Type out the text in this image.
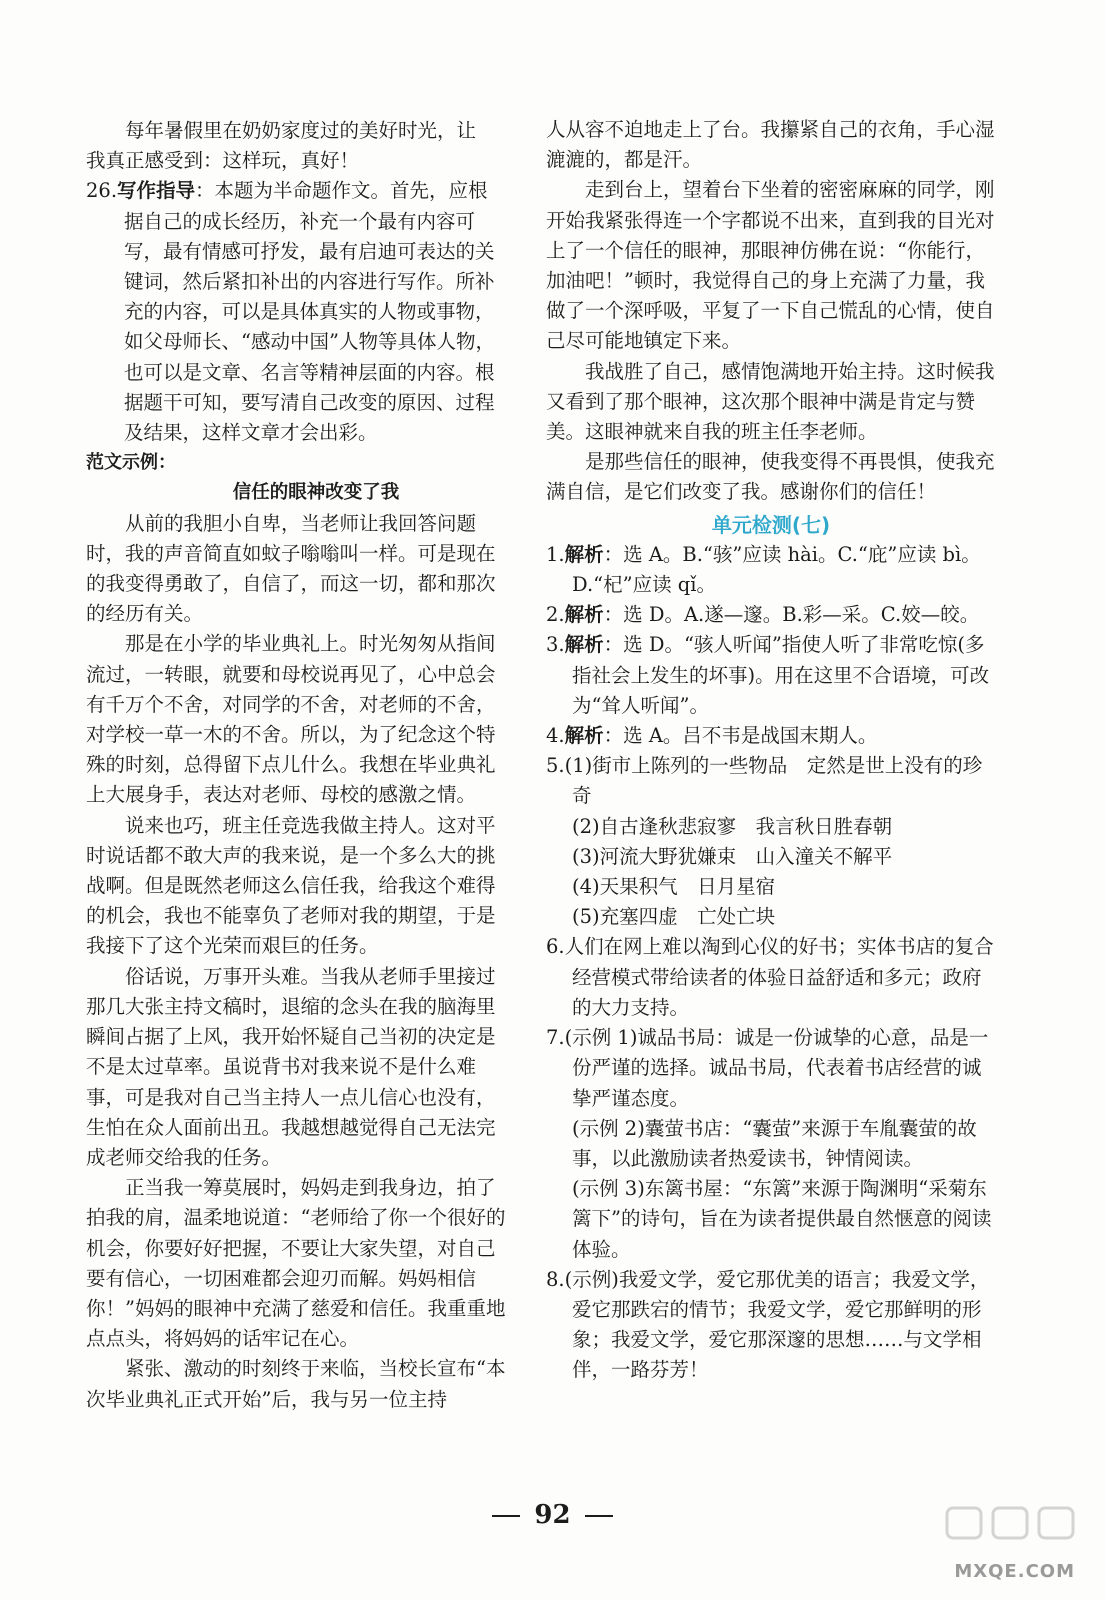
每年暑假里在奶奶家度过的美好时光，让

我真正感受到：这样玩，真好！

26.写作指导：本题为半命题作文。首先，应根据自己的成长经历，补充一个最有内容可写，最有情感可抒发，最有启迪可表达的关键词，然后紧扣补出的内容进行写作。所补充的内容，可以是具体真实的人物或事物，如父母师长、“感动中国”人物等具体人物，也可以是文章、名言等精神层面的内容。根据题干可知，要写清自己改变的原因、过程及结果，这样文章才会出彩。

范文示例：

信任的眼神改变了我

从前的我胆小自卑，当老师让我回答问题时，我的声音简直如蚊子嗡嗡叫一样。可是现在的我变得勇敢了，自信了，而这一切，都和那次的经历有关。

那是在小学的毕业典礼上。时光匆匆从指间流过，一转眼，就要和母校说再见了，心中总会有千万个不舍，对同学的不舍，对老师的不舍，对学校一草一木的不舍。所以，为了纪念这个特殊的时刻，总得留下点儿什么。我想在毕业典礼上大展身手，表达对老师、母校的感激之情。

说来也巧，班主任竞选我做主持人。这对平时说话都不敢大声的我来说，是一个多么大的挑战啊。但是既然老师这么信任我，给我这个难得的机会，我也不能辜负了老师对我的期望，于是我接下了这个光荣而艰巨的任务。

俗话说，万事开头难。当我从老师手里接过那几大张主持文稿时，退缩的念头在我的脑海里瞬间占据了上风，我开始怀疑自己当初的决定是不是太过草率。虽说背书对我来说不是什么难事，可是我对自己当主持人一点儿信心也没有，生怕在众人面前出丑。我越想越觉得自己无法完成老师交给我的任务。

正当我一筹莫展时，妈妈走到我身边，拍了拍我的肩，温柔地说道：“老师给了你一个很好的机会，你要好好把握，不要让大家失望，对自己要有信心，一切困难都会迎刃而解。妈妈相信你！”妈妈的眼神中充满了慈爱和信任。我重重地点点头，将妈妈的话牢记在心。

紧张、激动的时刻终于来临，当校长宣布“本次毕业典礼正式开始”后，我与另一位主持

人从容不迫地走上了台。我攥紧自己的衣角，手心湿漉漉的，都是汗。

走到台上，望着台下坐着的密密麻麻的同学，刚开始我紧张得连一个字都说不出来，直到我的目光对上了一个信任的眼神，那眼神仿佛在说：“你能行，加油吧！”顿时，我觉得自己的身上充满了力量，我做了一个深呼吸，平复了一下自己慌乱的心情，使自己尽可能地镇定下来。

我战胜了自己，感情饱满地开始主持。这时候我又看到了那个眼神，这次那个眼神中满是肯定与赞美。这眼神就来自我的班主任李老师。

是那些信任的眼神，使我变得不再畏惧，使我充满自信，是它们改变了我。感谢你们的信任！

单元检测(七)

1.解析：选 A。B.“骇”应读 hài。C.“庇”应读 bì。D.“杞”应读 qǐ。

2.解析：选 D。A.遂—邃。B.彩—采。C.姣—皎。

3.解析：选 D。“骇人听闻”指使人听了非常吃惊(多指社会上发生的坏事)。用在这里不合语境，可改为“耸人听闻”。

4.解析：选 A。吕不韦是战国末期人。

5.(1)街市上陈列的一些物品　定然是世上没有的珍奇

(2)自古逢秋悲寂寥　我言秋日胜春朝

(3)河流大野犹嫌束　山入潼关不解平

(4)天果积气　日月星宿

(5)充塞四虚　亡处亡块

6.人们在网上难以淘到心仪的好书；实体书店的复合经营模式带给读者的体验日益舒适和多元；政府的大力支持。

7.(示例 1)诚品书局：诚是一份诚挚的心意，品是一份严谨的选择。诚品书局，代表着书店经营的诚挚严谨态度。

(示例 2)囊萤书店：“囊萤”来源于车胤囊萤的故事，以此激励读者热爱读书，钟情阅读。

(示例 3)东篱书屋：“东篱”来源于陶渊明“采菊东篱下”的诗句，旨在为读者提供最自然惬意的阅读体验。

8.(示例)我爱文学，爱它那优美的语言；我爱文学，爱它那跌宕的情节；我爱文学，爱它那鲜明的形象；我爱文学，爱它那深邃的思想……与文学相伴，一路芬芳！

92
MXQE.COM
